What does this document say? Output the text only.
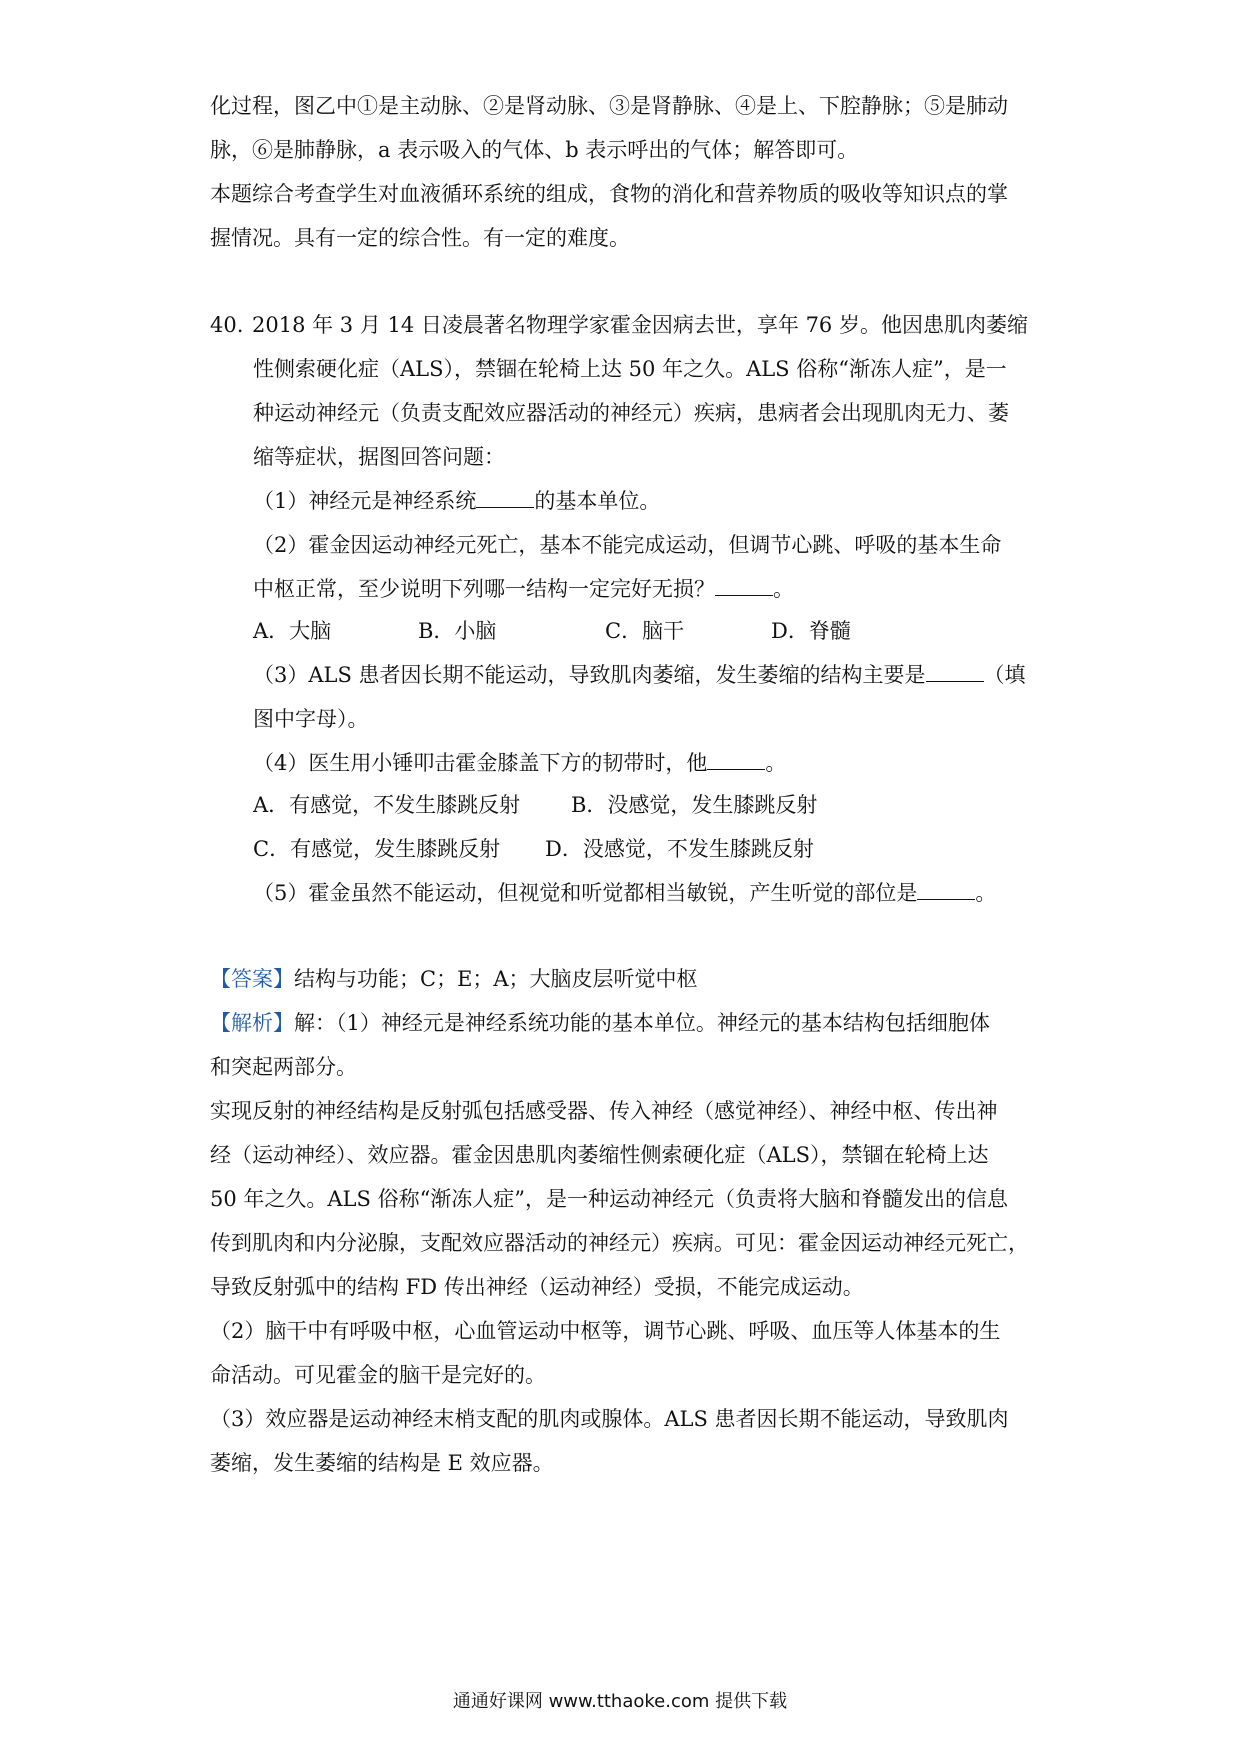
化过程，图乙中①是主动脉、②是肾动脉、③是肾静脉、④是上、下腔静脉；⑤是肺动
脉，⑥是肺静脉，a 表示吸入的气体、b 表示呼出的气体；解答即可。
本题综合考查学生对血液循环系统的组成，食物的消化和营养物质的吸收等知识点的掌
握情况。具有一定的综合性。有一定的难度。
40. 2018 年 3 月 14 日凌晨著名物理学家霍金因病去世，享年 76 岁。他因患肌肉萎缩
性侧索硬化症（ALS），禁锢在轮椅上达 50 年之久。ALS 俗称“渐冻人症”，是一
种运动神经元（负责支配效应器活动的神经元）疾病，患病者会出现肌肉无力、萎
缩等症状，据图回答问题：
（1）神经元是神经系统	的基本单位。
（2）霍金因运动神经元死亡，基本不能完成运动，但调节心跳、呼吸的基本生命
中枢正常，至少说明下列哪一结构一定完好无损？	。
A．大脑	B．小脑	C．脑干	D．脊髓
（3）ALS 患者因长期不能运动，导致肌肉萎缩，发生萎缩的结构主要是	（填
图中字母）。
（4）医生用小锤叩击霍金膝盖下方的韧带时，他	。
A．有感觉，不发生膝跳反射 B．没感觉，发生膝跳反射
C．有感觉，发生膝跳反射 D．没感觉，不发生膝跳反射
（5）霍金虽然不能运动，但视觉和听觉都相当敏锐，产生听觉的部位是	。
【答案】结构与功能；C；E；A；大脑皮层听觉中枢
【解析】解：（1）神经元是神经系统功能的基本单位。神经元的基本结构包括细胞体
和突起两部分。
实现反射的神经结构是反射弧包括感受器、传入神经（感觉神经）、神经中枢、传出神
经（运动神经）、效应器。霍金因患肌肉萎缩性侧索硬化症（ALS），禁锢在轮椅上达
50 年之久。ALS 俗称“渐冻人症”，是一种运动神经元（负责将大脑和脊髓发出的信息
传到肌肉和内分泌腺，支配效应器活动的神经元）疾病。可见：霍金因运动神经元死亡，
导致反射弧中的结构 FD 传出神经（运动神经）受损，不能完成运动。
（2）脑干中有呼吸中枢，心血管运动中枢等，调节心跳、呼吸、血压等人体基本的生
命活动。可见霍金的脑干是完好的。
（3）效应器是运动神经末梢支配的肌肉或腺体。ALS 患者因长期不能运动，导致肌肉
萎缩，发生萎缩的结构是 E 效应器。
通通好课网 www.tthaoke.com 提供下载
